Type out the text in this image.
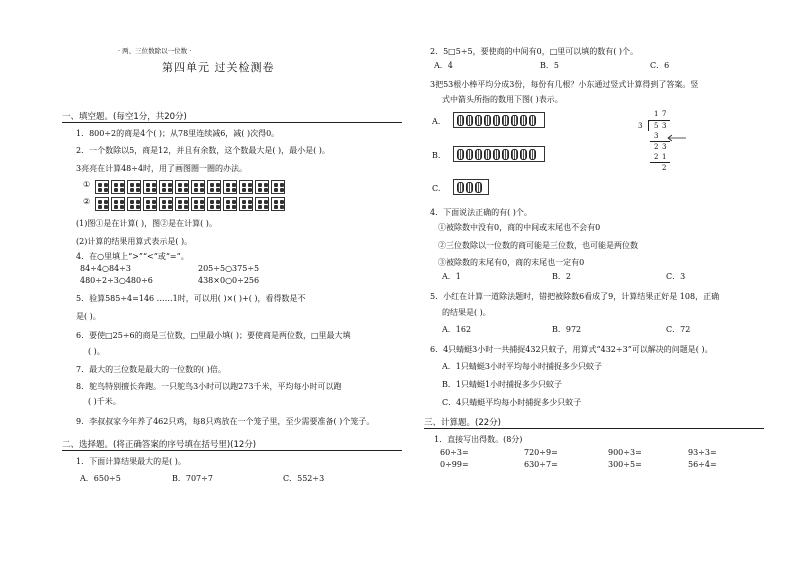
· 两、三位数除以一位数 ·
第四单元 过关检测卷
一、填空题。(每空1分，共20分)
1．800÷2的商是4个( )；从78里连续减6，减( )次得0。
2．一个数除以5，商是12，并且有余数，这个数最大是( )，最小是( )。
3亮亮在计算48÷4时，用了画图圈一圈的办法。
①
②
(1)图①是在计算( )，图②是在计算( )。
(2)计算的结果用算式表示是( )。
4．在○里填上“>”“<”或“=”。
84÷4○84÷3	205÷5○375÷5
480÷2÷3○480÷6	438×0○0÷256
5．验算585÷4=146 ……1时，可以用( )×( )+( )，看得数是不
是( )。
6．要使□25÷6的商是三位数，□里最小填( )；要使商是两位数，□里最大填
( )。
7．最大的三位数是最大的一位数的( )倍。
8．鸵鸟特别擅长奔跑。一只鸵鸟3小时可以跑273千米，平均每小时可以跑
( )千米。
9．李叔叔家今年养了462只鸡，每8只鸡放在一个笼子里，至少需要准备( )个笼子。
二、选择题。(将正确答案的序号填在括号里)(12分)
1．下面计算结果最大的是( )。
A．650÷5	B．707÷7	C．552÷3
2．5□5÷5，要使商的中间有0，□里可以填的数有( )个。
A．4	B．5	C．6
3把53根小棒平均分成3份，每份有几根？小东通过竖式计算得到了答案。竖
式中箭头所指的数用下图( )表示。
A.
B.
C.
1 7
3 5 3
3
2 3
2 1
2
4．下面说法正确的有( )个。
①被除数中没有0，商的中间或末尾也不会有0
②三位数除以一位数的商可能是三位数，也可能是两位数
③被除数的末尾有0，商的末尾也一定有0
A．1	B．2	C．3
5．小红在计算一道除法题时，错把被除数6看成了9，计算结果正好是 108，正确
的结果是( )。
A．162	B．972	C．72
6．4只蜻蜓3小时一共捕捉432只蚊子，用算式“432÷3”可以解决的问题是( )。
A．1只蜻蜓3小时平均每小时捕捉多少只蚊子
B．1只蜻蜓1小时捕捉多少只蚊子
C．4只蜻蜓平均每小时捕捉多少只蚊子
三、计算题。(22分)
1．直接写出得数。(8分)
60÷3=	720÷9=	900÷3=	93÷3=
0÷99=	630÷7=	300÷5=	56÷4=
